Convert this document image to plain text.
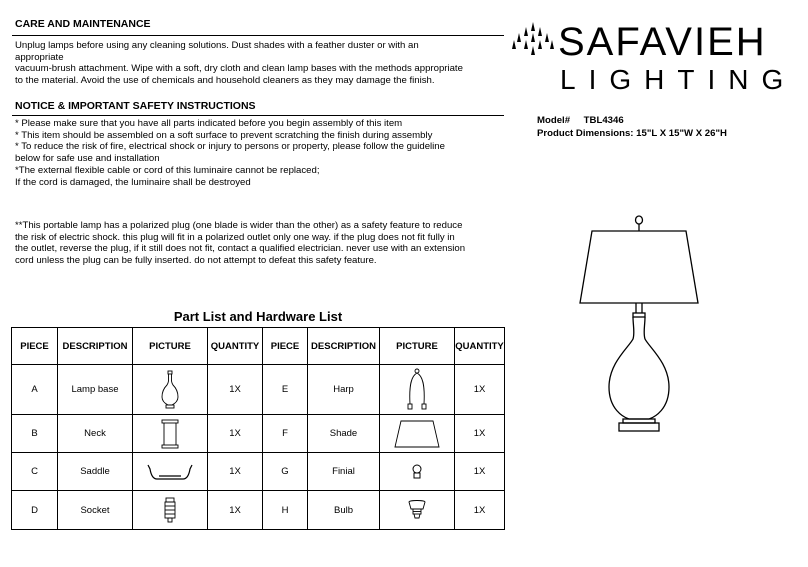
CARE AND MAINTENANCE
Unplug lamps before using any cleaning solutions. Dust shades with a feather duster or with an
appropriate
vacuum-brush attachment. Wipe with a soft, dry cloth and clean lamp bases with the methods appropriate
to the material. Avoid the use of chemicals and household cleaners as they may damage the finish.
NOTICE & IMPORTANT SAFETY INSTRUCTIONS
* Please make sure that you have all parts indicated before you begin assembly of this item
* This item should be assembled on a soft surface to prevent scratching the finish during assembly
* To reduce the risk of fire, electrical shock or injury to persons or property, please follow the guideline
below for safe use and installation
*The external flexible cable or cord of this luminaire cannot be replaced;
If the cord is damaged, the luminaire shall be destroyed
**This portable lamp has a polarized plug (one blade is wider than the other) as a safety feature to reduce
the risk of electric shock. this plug will fit in a polarized outlet only one way. if the plug does not fit fully in
the outlet, reverse the plug, if it still does not fit, contact a qualified electrician. never use with an extension
cord unless the plug can be fully inserted. do not attempt to defeat this safety feature.
SAFAVIEH
LIGHTING
Model# TBL4346
Product Dimensions: 15"L X 15"W X 26"H
Part List and Hardware List
PIECE	DESCRIPTION	PICTURE	QUANTITY	PIECE	DESCRIPTION	PICTURE	QUANTITY
A	Lamp base		1X	E	Harp		1X
B	Neck		1X	F	Shade		1X
C	Saddle		1X	G	Finial		1X
D	Socket		1X	H	Bulb		1X
